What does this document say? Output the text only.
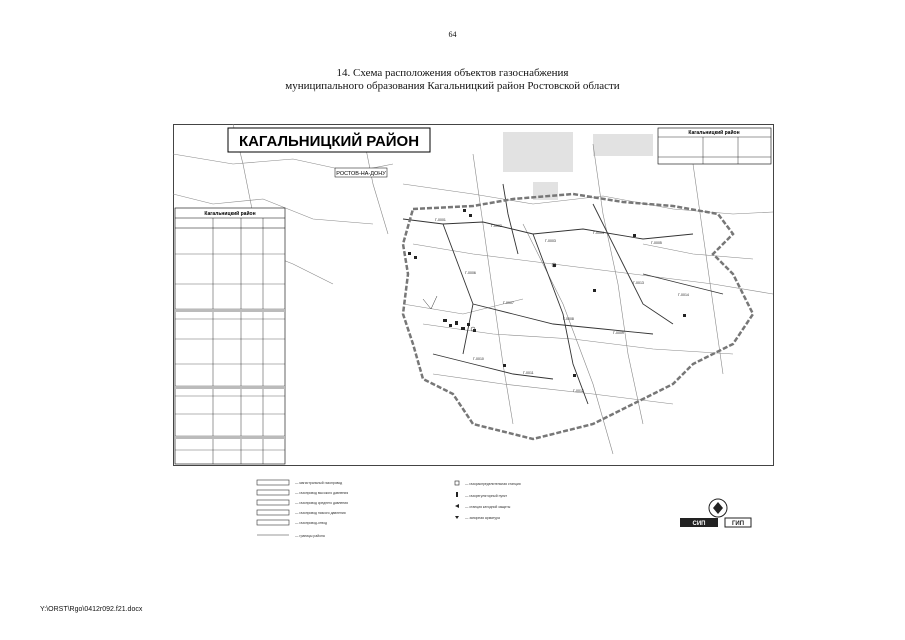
64
14. Схема расположения объектов газоснабжения
муниципального образования Кагальницкий район Ростовской области
Г-0001
Г-0002
Г-0003
Г-0004
Г-0005
Г-0006
Г-0007
Г-0008
Г-0009
Г-0010
Г-0011
Г-0012
Г-0013
Г-0014
КАГАЛЬНИЦКИЙ РАЙОН
РОСТОВ-НА-ДОНУ
Кагальницкий район
Кагальницкий район
— магистральный газопровод
— газопровод высокого давления
— газопровод среднего давления
— газопровод низкого давления
— газопровод-отвод
— границы района
— газораспределительная станция
— газорегуляторный пункт
— станция катодной защиты
— запорная арматура
СИП	ГИП
Y:\ORST\Rgo\0412r092.f21.docx
